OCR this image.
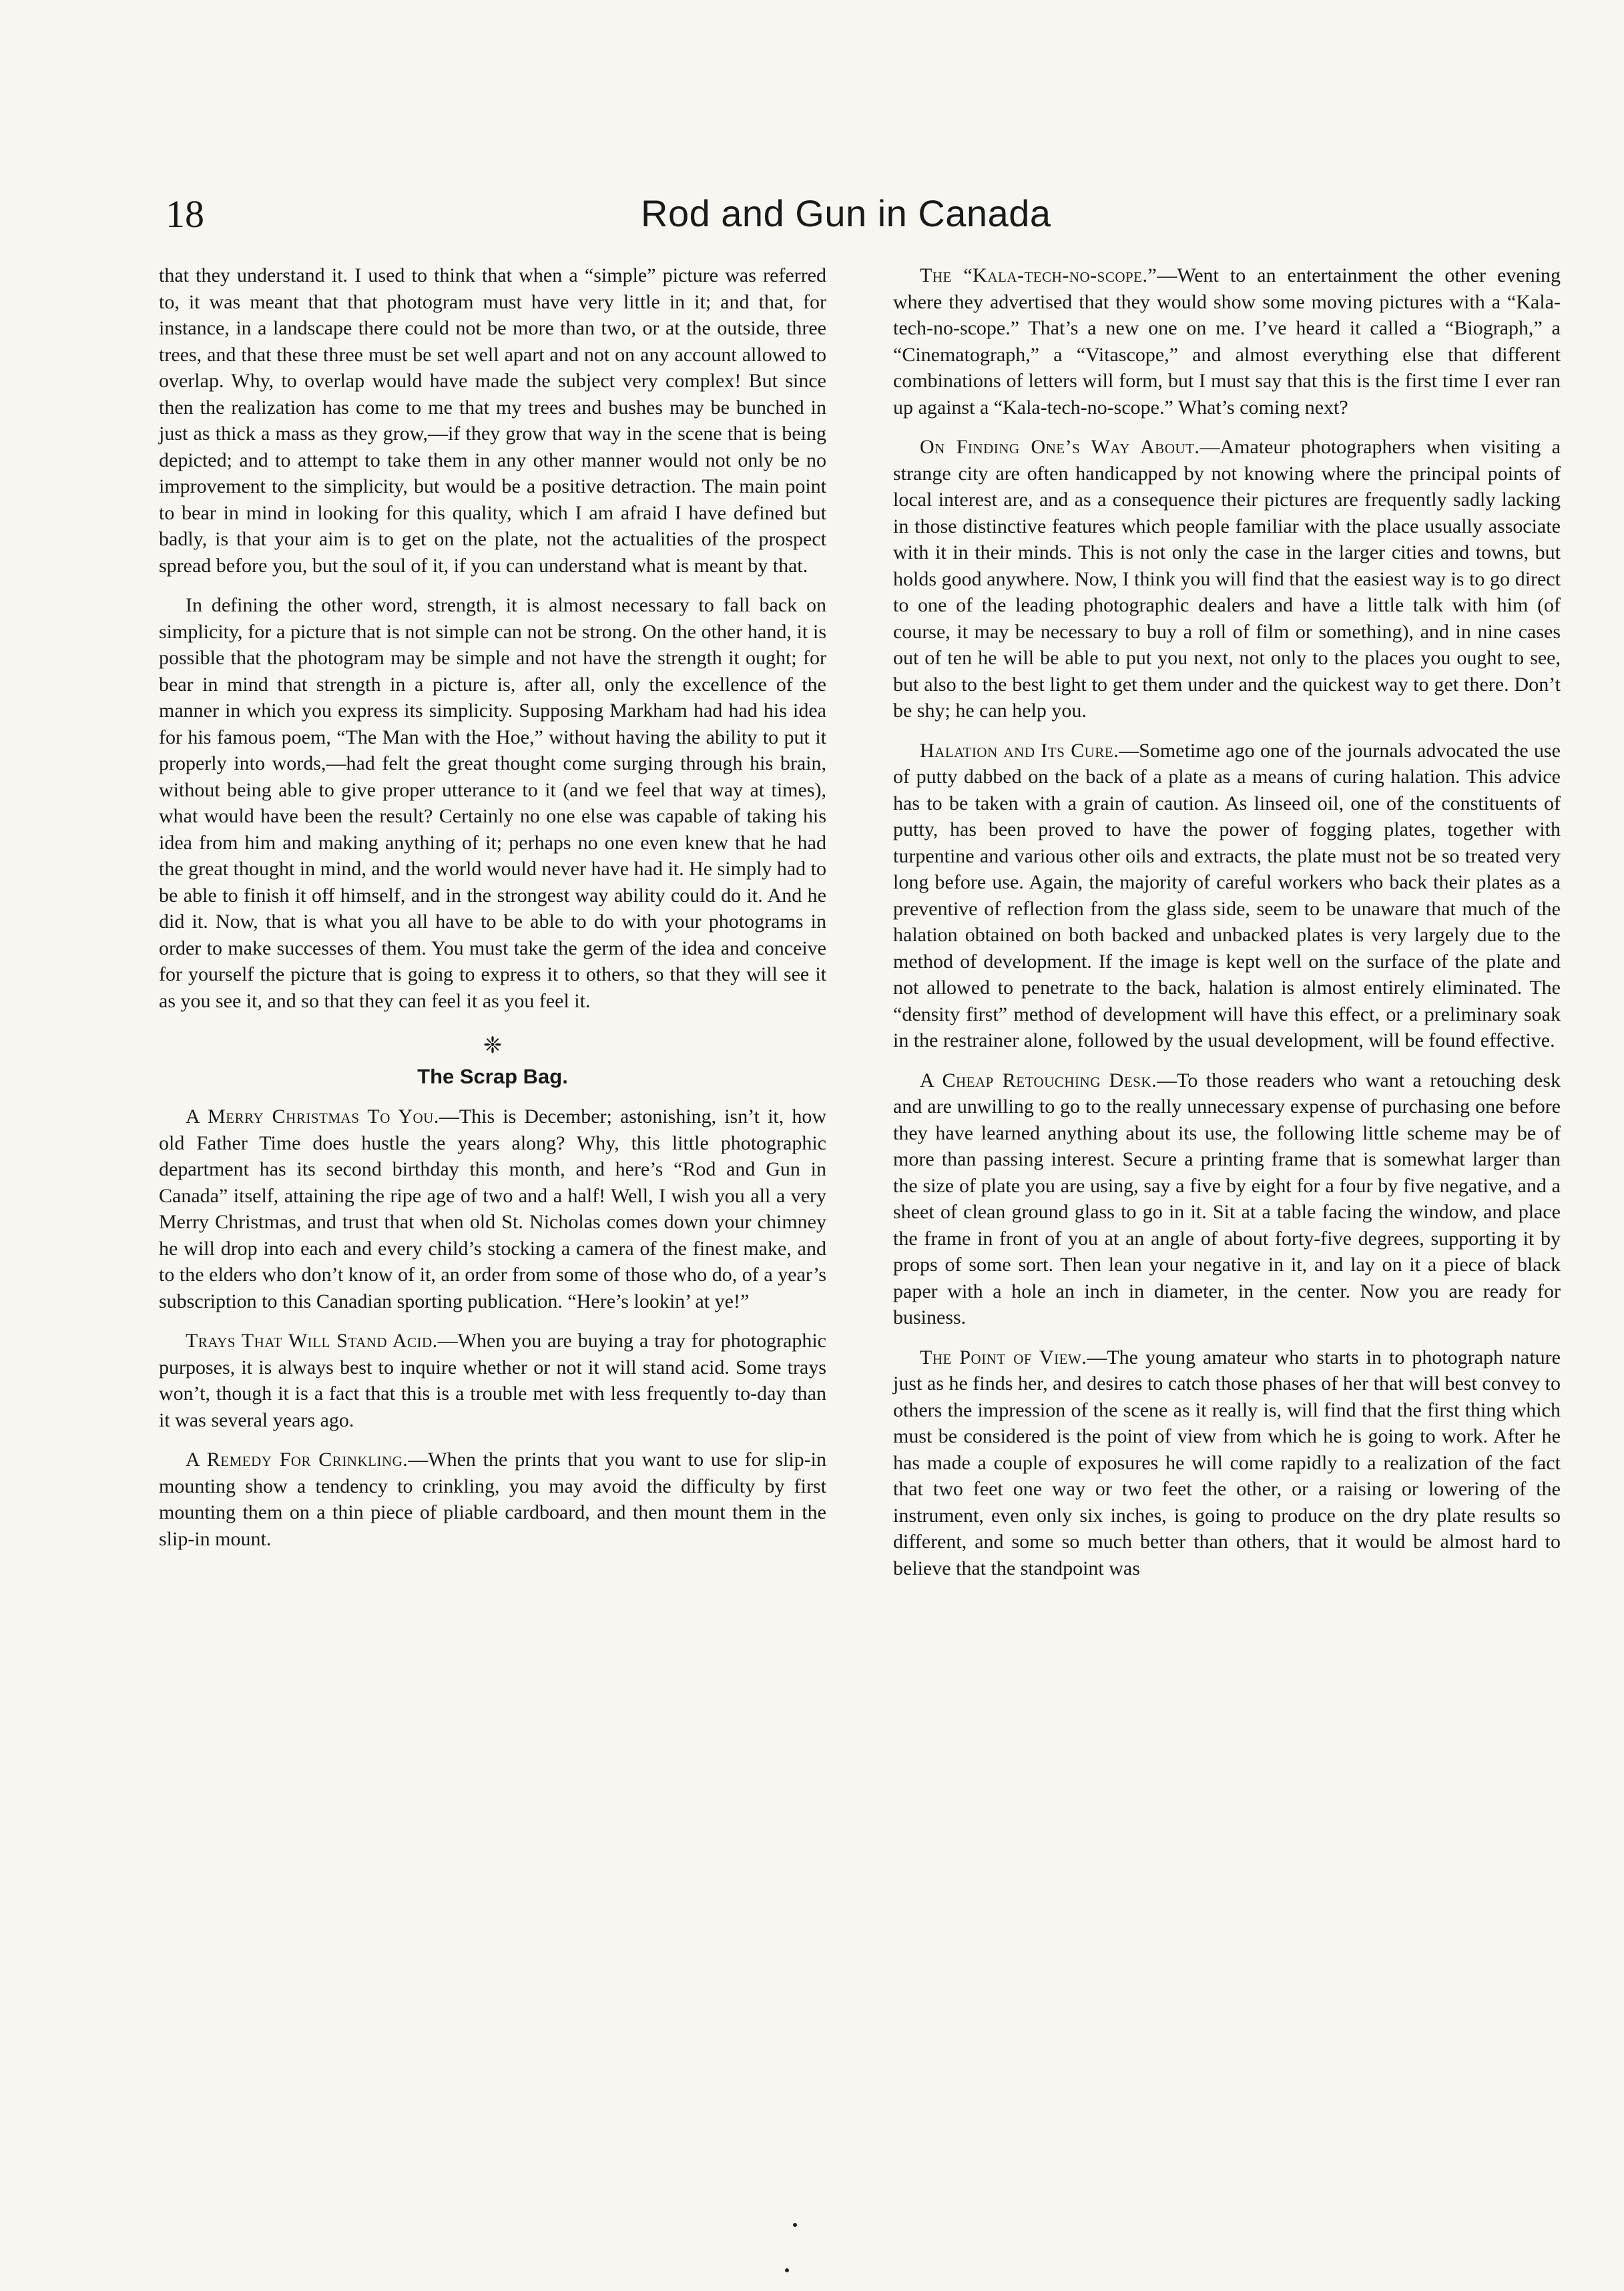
18	Rod and Gun in Canada

that they understand it. I used to think that when a “simple” picture was referred to, it was meant that that photogram must have very little in it; and that, for instance, in a landscape there could not be more than two, or at the outside, three trees, and that these three must be set well apart and not on any account allowed to overlap. Why, to overlap would have made the subject very complex! But since then the realization has come to me that my trees and bushes may be bunched in just as thick a mass as they grow,—if they grow that way in the scene that is being depicted; and to attempt to take them in any other manner would not only be no improvement to the simplicity, but would be a positive detraction. The main point to bear in mind in looking for this quality, which I am afraid I have defined but badly, is that your aim is to get on the plate, not the actualities of the prospect spread before you, but the soul of it, if you can understand what is meant by that.

In defining the other word, strength, it is almost necessary to fall back on simplicity, for a picture that is not simple can not be strong. On the other hand, it is possible that the photogram may be simple and not have the strength it ought; for bear in mind that strength in a picture is, after all, only the excellence of the manner in which you express its simplicity. Supposing Markham had had his idea for his famous poem, “The Man with the Hoe,” without having the ability to put it properly into words,—had felt the great thought come surging through his brain, without being able to give proper utterance to it (and we feel that way at times), what would have been the result? Certainly no one else was capable of taking his idea from him and making anything of it; perhaps no one even knew that he had the great thought in mind, and the world would never have had it. He simply had to be able to finish it off himself, and in the strongest way ability could do it. And he did it. Now, that is what you all have to be able to do with your photograms in order to make successes of them. You must take the germ of the idea and conceive for yourself the picture that is going to express it to others, so that they will see it as you see it, and so that they can feel it as you feel it.

❈
The Scrap Bag.

A Merry Christmas To You.—This is December; astonishing, isn’t it, how old Father Time does hustle the years along? Why, this little photographic department has its second birthday this month, and here’s “Rod and Gun in Canada” itself, attaining the ripe age of two and a half! Well, I wish you all a very Merry Christmas, and trust that when old St. Nicholas comes down your chimney he will drop into each and every child’s stocking a camera of the finest make, and to the elders who don’t know of it, an order from some of those who do, of a year’s subscription to this Canadian sporting publication. “Here’s lookin’ at ye!”

Trays That Will Stand Acid.—When you are buying a tray for photographic purposes, it is always best to inquire whether or not it will stand acid. Some trays won’t, though it is a fact that this is a trouble met with less frequently to-day than it was several years ago.

A Remedy For Crinkling.—When the prints that you want to use for slip-in mounting show a tendency to crinkling, you may avoid the difficulty by first mounting them on a thin piece of pliable cardboard, and then mount them in the slip-in mount.

The “Kala-tech-no-scope.”—Went to an entertainment the other evening where they advertised that they would show some moving pictures with a “Kala-tech-no-scope.” That’s a new one on me. I’ve heard it called a “Biograph,” a “Cinematograph,” a “Vitascope,” and almost everything else that different combinations of letters will form, but I must say that this is the first time I ever ran up against a “Kala-tech-no-scope.” What’s coming next?

On Finding One’s Way About.—Amateur photographers when visiting a strange city are often handicapped by not knowing where the principal points of local interest are, and as a consequence their pictures are frequently sadly lacking in those distinctive features which people familiar with the place usually associate with it in their minds. This is not only the case in the larger cities and towns, but holds good anywhere. Now, I think you will find that the easiest way is to go direct to one of the leading photographic dealers and have a little talk with him (of course, it may be necessary to buy a roll of film or something), and in nine cases out of ten he will be able to put you next, not only to the places you ought to see, but also to the best light to get them under and the quickest way to get there. Don’t be shy; he can help you.

Halation and Its Cure.—Sometime ago one of the journals advocated the use of putty dabbed on the back of a plate as a means of curing halation. This advice has to be taken with a grain of caution. As linseed oil, one of the constituents of putty, has been proved to have the power of fogging plates, together with turpentine and various other oils and extracts, the plate must not be so treated very long before use. Again, the majority of careful workers who back their plates as a preventive of reflection from the glass side, seem to be unaware that much of the halation obtained on both backed and unbacked plates is very largely due to the method of development. If the image is kept well on the surface of the plate and not allowed to penetrate to the back, halation is almost entirely eliminated. The “density first” method of development will have this effect, or a preliminary soak in the restrainer alone, followed by the usual development, will be found effective.

A Cheap Retouching Desk.—To those readers who want a retouching desk and are unwilling to go to the really unnecessary expense of purchasing one before they have learned anything about its use, the following little scheme may be of more than passing interest. Secure a printing frame that is somewhat larger than the size of plate you are using, say a five by eight for a four by five negative, and a sheet of clean ground glass to go in it. Sit at a table facing the window, and place the frame in front of you at an angle of about forty-five degrees, supporting it by props of some sort. Then lean your negative in it, and lay on it a piece of black paper with a hole an inch in diameter, in the center. Now you are ready for business.

The Point of View.—The young amateur who starts in to photograph nature just as he finds her, and desires to catch those phases of her that will best convey to others the impression of the scene as it really is, will find that the first thing which must be considered is the point of view from which he is going to work. After he has made a couple of exposures he will come rapidly to a realization of the fact that two feet one way or two feet the other, or a raising or lowering of the instrument, even only six inches, is going to produce on the dry plate results so different, and some so much better than others, that it would be almost hard to believe that the standpoint was
